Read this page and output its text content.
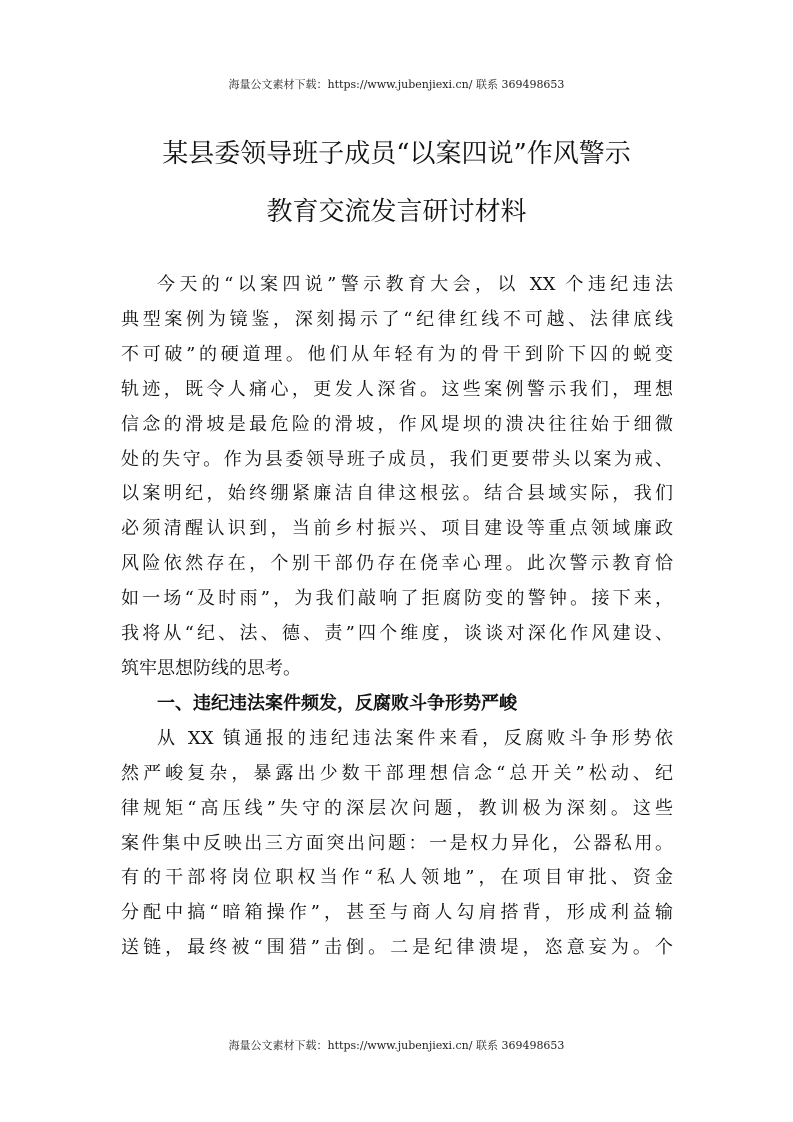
海量公文素材下载：https://www.jubenjiexi.cn/ 联系 369498653
某县委领导班子成员“以案四说”作风警示
教育交流发言研讨材料
今天的“以案四说”警示教育大会，以 XX 个违纪违法
典型案例为镜鉴，深刻揭示了“纪律红线不可越、法律底线
不可破”的硬道理。他们从年轻有为的骨干到阶下囚的蜕变
轨迹，既令人痛心，更发人深省。这些案例警示我们，理想
信念的滑坡是最危险的滑坡，作风堤坝的溃决往往始于细微
处的失守。作为县委领导班子成员，我们更要带头以案为戒、
以案明纪，始终绷紧廉洁自律这根弦。结合县域实际，我们
必须清醒认识到，当前乡村振兴、项目建设等重点领域廉政
风险依然存在，个别干部仍存在侥幸心理。此次警示教育恰
如一场“及时雨”，为我们敲响了拒腐防变的警钟。接下来，
我将从“纪、法、德、责”四个维度，谈谈对深化作风建设、
筑牢思想防线的思考。
一、违纪违法案件频发，反腐败斗争形势严峻
从 XX 镇通报的违纪违法案件来看，反腐败斗争形势依
然严峻复杂，暴露出少数干部理想信念“总开关”松动、纪
律规矩“高压线”失守的深层次问题，教训极为深刻。这些
案件集中反映出三方面突出问题：一是权力异化，公器私用。
有的干部将岗位职权当作“私人领地”，在项目审批、资金
分配中搞“暗箱操作”，甚至与商人勾肩搭背，形成利益输
送链，最终被“围猎”击倒。二是纪律溃堤，恣意妄为。个
海量公文素材下载：https://www.jubenjiexi.cn/ 联系 369498653
